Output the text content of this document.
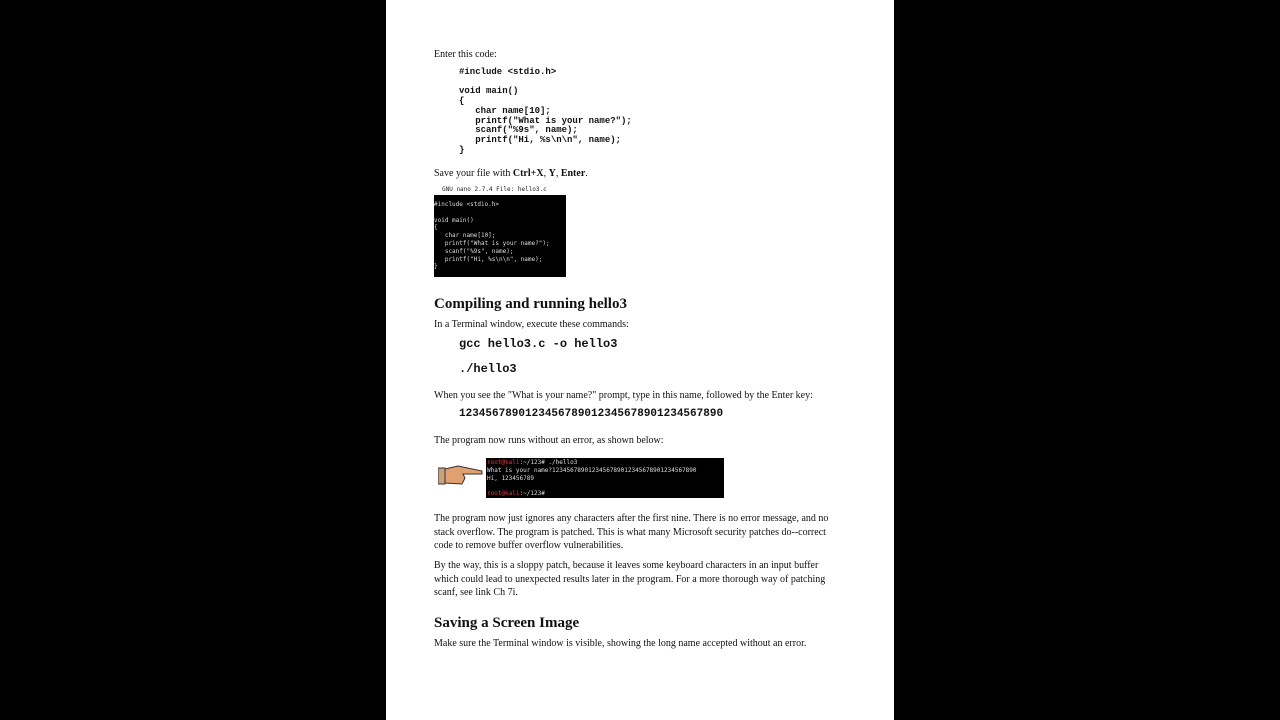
Enter this code:

#include <stdio.h>

void main()
{
char name[10];
printf("What is your name?");
scanf("%9s", name);
printf("Hi, %s\n\n", name);
}

Save your file with Ctrl+X, Y, Enter.

GNU nano 2.7.4 File: hello3.c
#include <stdio.h>

void main()
{
char name[10];
printf("What is your name?");
scanf("%9s", name);
printf("Hi, %s\n\n", name);
}
Compiling and running hello3

In a Terminal window, execute these commands:

gcc hello3.c -o hello3
./hello3

When you see the "What is your name?" prompt, type in this name, followed by the Enter key:

1234567890123456789012345678901234567890

The program now runs without an error, as shown below:

root@kali:~/123# ./hello3
What is your name?1234567890123456789012345678901234567890
Hi, 123456789

root@kali:~/123#

The program now just ignores any characters after the first nine. There is no error message, and no stack overflow. The program is patched. This is what many Microsoft security patches do--correct code to remove buffer overflow vulnerabilities.

By the way, this is a sloppy patch, because it leaves some keyboard characters in an input buffer which could lead to unexpected results later in the program. For a more thorough way of patching scanf, see link Ch 7i.

Saving a Screen Image

Make sure the Terminal window is visible, showing the long name accepted without an error.
